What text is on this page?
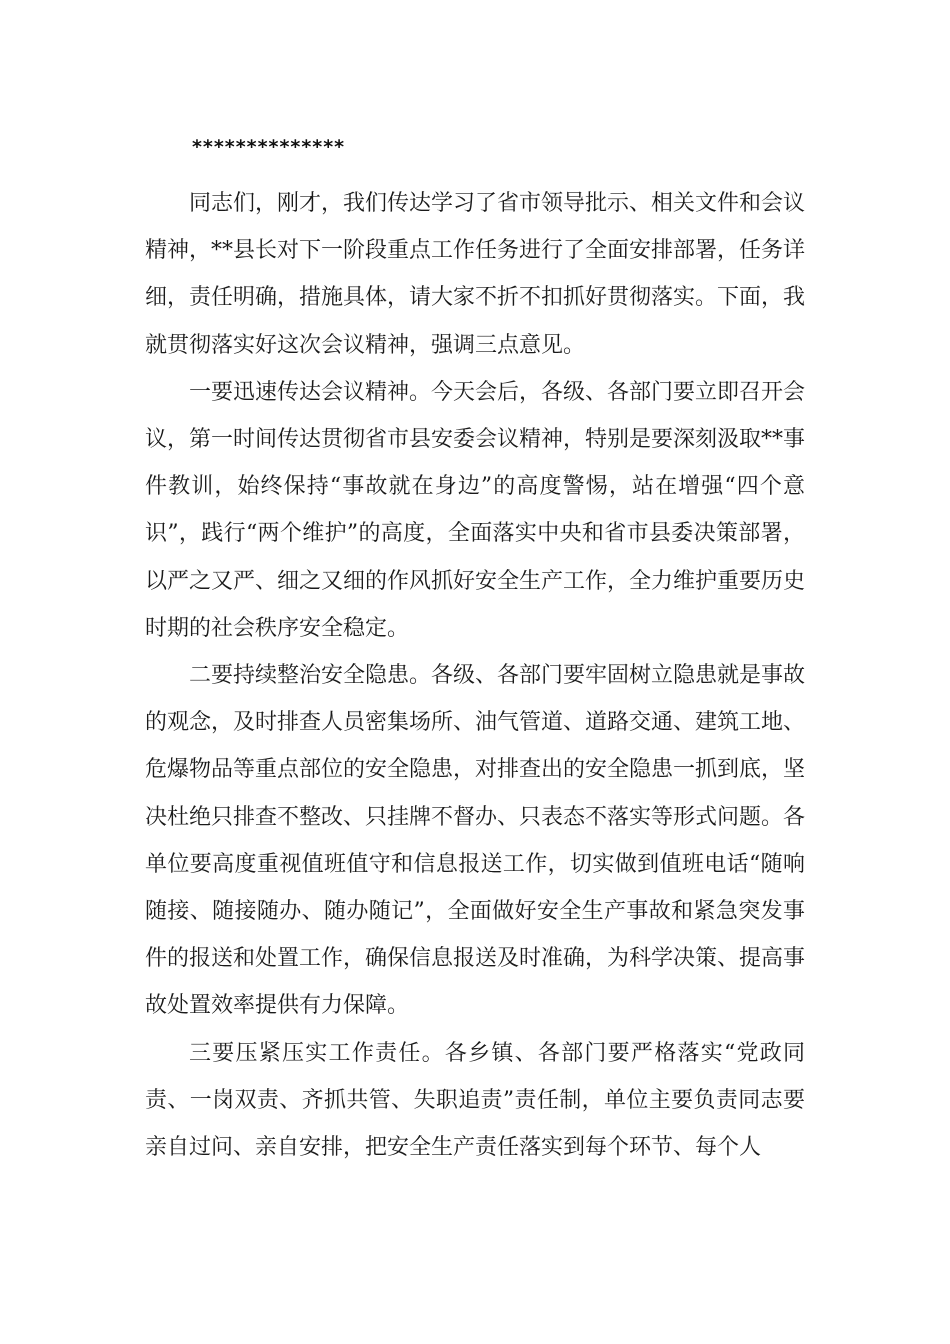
**************

同志们，刚才，我们传达学习了省市领导批示、相关文件和会议精神，**县长对下一阶段重点工作任务进行了全面安排部署，任务详细，责任明确，措施具体，请大家不折不扣抓好贯彻落实。下面，我就贯彻落实好这次会议精神，强调三点意见。

一要迅速传达会议精神。今天会后，各级、各部门要立即召开会议，第一时间传达贯彻省市县安委会议精神，特别是要深刻汲取**事件教训，始终保持“事故就在身边”的高度警惕，站在增强“四个意识”，践行“两个维护”的高度，全面落实中央和省市县委决策部署，以严之又严、细之又细的作风抓好安全生产工作，全力维护重要历史时期的社会秩序安全稳定。

二要持续整治安全隐患。各级、各部门要牢固树立隐患就是事故的观念，及时排查人员密集场所、油气管道、道路交通、建筑工地、危爆物品等重点部位的安全隐患，对排查出的安全隐患一抓到底，坚决杜绝只排查不整改、只挂牌不督办、只表态不落实等形式问题。各单位要高度重视值班值守和信息报送工作，切实做到值班电话“随响随接、随接随办、随办随记”，全面做好安全生产事故和紧急突发事件的报送和处置工作，确保信息报送及时准确，为科学决策、提高事故处置效率提供有力保障。

三要压紧压实工作责任。各乡镇、各部门要严格落实“党政同责、一岗双责、齐抓共管、失职追责”责任制，单位主要负责同志要亲自过问、亲自安排，把安全生产责任落实到每个环节、每个人
